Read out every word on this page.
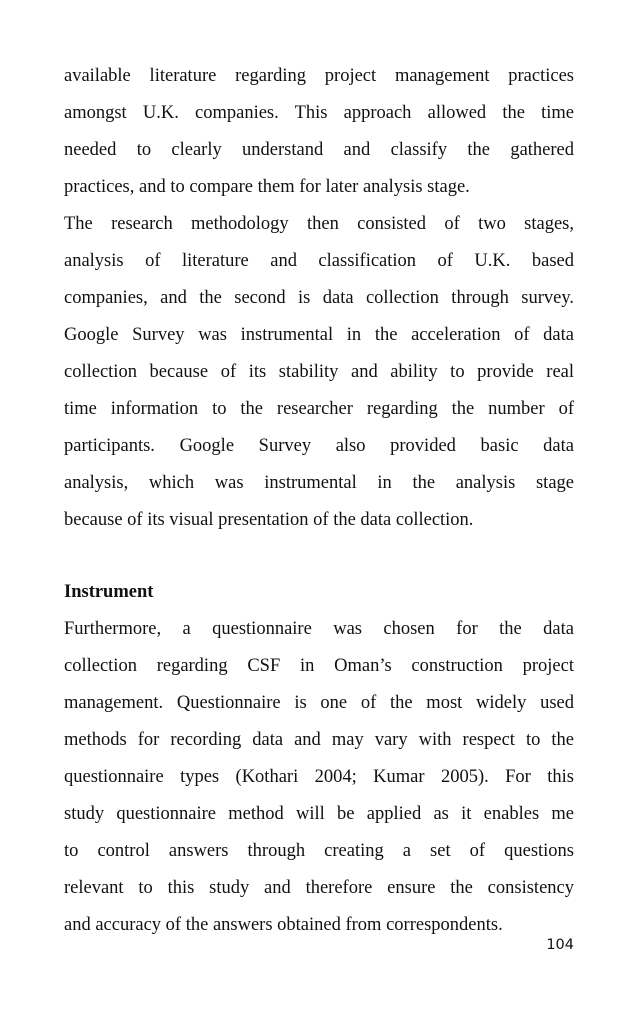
available literature regarding project management practices
amongst U.K. companies. This approach allowed the time
needed to clearly understand and classify the gathered
practices, and to compare them for later analysis stage.
The research methodology then consisted of two stages,
analysis of literature and classification of U.K. based
companies, and the second is data collection through survey.
Google Survey was instrumental in the acceleration of data
collection because of its stability and ability to provide real
time information to the researcher regarding the number of
participants. Google Survey also provided basic data
analysis, which was instrumental in the analysis stage
because of its visual presentation of the data collection.
Instrument
Furthermore, a questionnaire was chosen for the data
collection regarding CSF in Oman’s construction project
management. Questionnaire is one of the most widely used
methods for recording data and may vary with respect to the
questionnaire types (Kothari 2004; Kumar 2005). For this
study questionnaire method will be applied as it enables me
to control answers through creating a set of questions
relevant to this study and therefore ensure the consistency
and accuracy of the answers obtained from correspondents.
104
